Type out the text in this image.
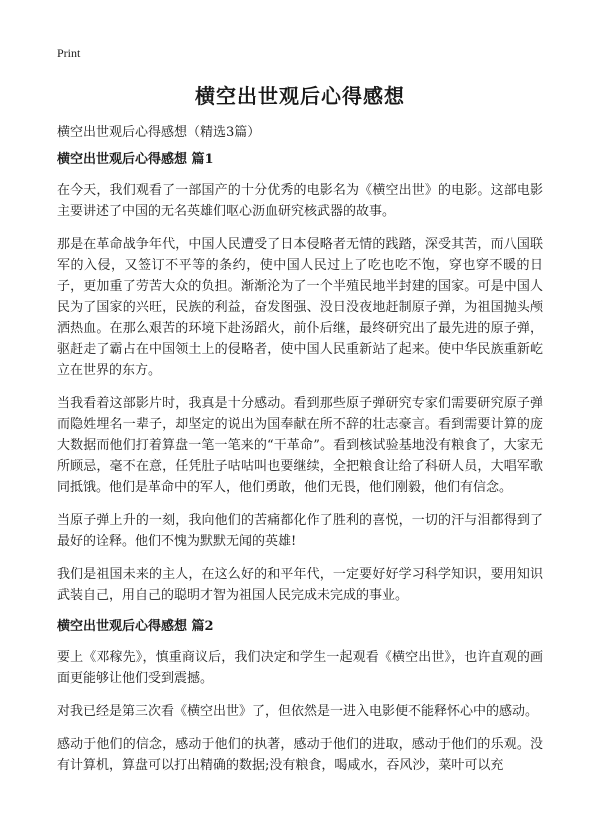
Print
横空出世观后心得感想

横空出世观后心得感想（精选3篇）

横空出世观后心得感想 篇1

在今天，我们观看了一部国产的十分优秀的电影名为《横空出世》的电影。这部电影主要讲述了中国的无名英雄们呕心沥血研究核武器的故事。

那是在革命战争年代，中国人民遭受了日本侵略者无情的践踏，深受其苦，而八国联军的入侵，又签订不平等的条约，使中国人民过上了吃也吃不饱，穿也穿不暖的日子，更加重了劳苦大众的负担。渐渐沦为了一个半殖民地半封建的国家。可是中国人民为了国家的兴旺，民族的利益，奋发图强、没日没夜地赶制原子弹，为祖国抛头颅洒热血。在那么艰苦的环境下赴汤蹈火，前仆后继，最终研究出了最先进的原子弹，驱赶走了霸占在中国领土上的侵略者，使中国人民重新站了起来。使中华民族重新屹立在世界的东方。

当我看着这部影片时，我真是十分感动。看到那些原子弹研究专家们需要研究原子弹而隐姓埋名一辈子，却坚定的说出为国奉献在所不辞的壮志豪言。看到需要计算的庞大数据而他们打着算盘一笔一笔来的“干革命”。看到核试验基地没有粮食了，大家无所顾忌，毫不在意，任凭肚子咕咕叫也要继续，全把粮食让给了科研人员，大唱军歌同抵饿。他们是革命中的军人，他们勇敢，他们无畏，他们刚毅，他们有信念。

当原子弹上升的一刻，我向他们的苦痛都化作了胜利的喜悦，一切的汗与泪都得到了最好的诠释。他们不愧为默默无闻的英雄!

我们是祖国未来的主人，在这么好的和平年代，一定要好好学习科学知识，要用知识武装自己，用自己的聪明才智为祖国人民完成未完成的事业。

横空出世观后心得感想 篇2

要上《邓稼先》，慎重商议后，我们决定和学生一起观看《横空出世》，也许直观的画面更能够让他们受到震撼。

对我已经是第三次看《横空出世》了，但依然是一进入电影便不能释怀心中的感动。

感动于他们的信念，感动于他们的执著，感动于他们的进取，感动于他们的乐观。没有计算机，算盘可以打出精确的数据;没有粮食，喝咸水，吞风沙，菜叶可以充
